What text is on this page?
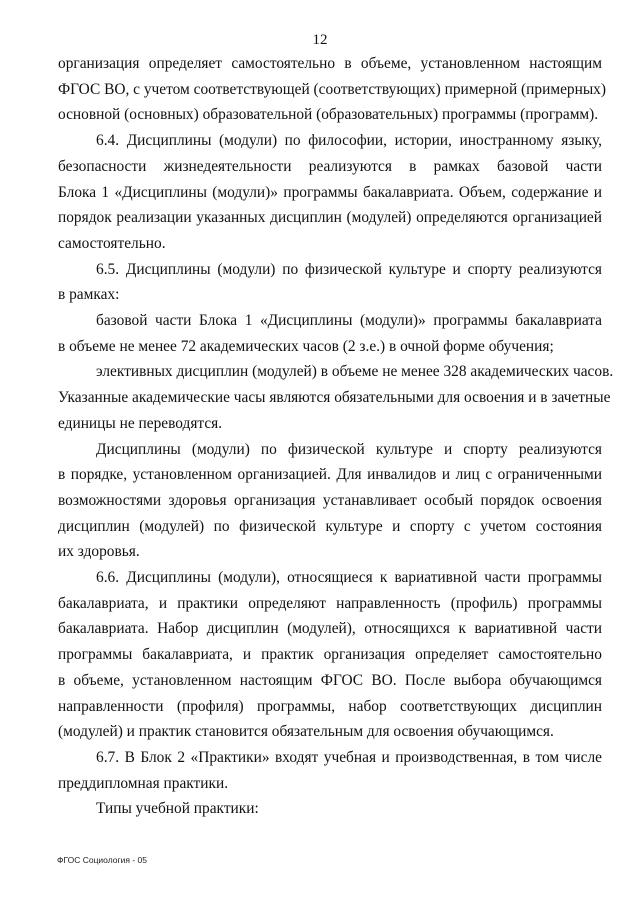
12

организация определяет самостоятельно в объеме, установленном настоящим
ФГОС ВО, с учетом соответствующей (соответствующих) примерной (примерных)
основной (основных) образовательной (образовательных) программы (программ).

6.4. Дисциплины (модули) по философии, истории, иностранному языку,
безопасности жизнедеятельности реализуются в рамках базовой части
Блока 1 «Дисциплины (модули)» программы бакалавриата. Объем, содержание и
порядок реализации указанных дисциплин (модулей) определяются организацией
самостоятельно.

6.5. Дисциплины (модули) по физической культуре и спорту реализуются
в рамках:

базовой части Блока 1 «Дисциплины (модули)» программы бакалавриата
в объеме не менее 72 академических часов (2 з.е.) в очной форме обучения;

элективных дисциплин (модулей) в объеме не менее 328 академических часов.
Указанные академические часы являются обязательными для освоения и в зачетные
единицы не переводятся.

Дисциплины (модули) по физической культуре и спорту реализуются
в порядке, установленном организацией. Для инвалидов и лиц с ограниченными
возможностями здоровья организация устанавливает особый порядок освоения
дисциплин (модулей) по физической культуре и спорту с учетом состояния
их здоровья.

6.6. Дисциплины (модули), относящиеся к вариативной части программы
бакалавриата, и практики определяют направленность (профиль) программы
бакалавриата. Набор дисциплин (модулей), относящихся к вариативной части
программы бакалавриата, и практик организация определяет самостоятельно
в объеме, установленном настоящим ФГОС ВО. После выбора обучающимся
направленности (профиля) программы, набор соответствующих дисциплин
(модулей) и практик становится обязательным для освоения обучающимся.

6.7. В Блок 2 «Практики» входят учебная и производственная, в том числе
преддипломная практики.

Типы учебной практики:

ФГОС Социология - 05
